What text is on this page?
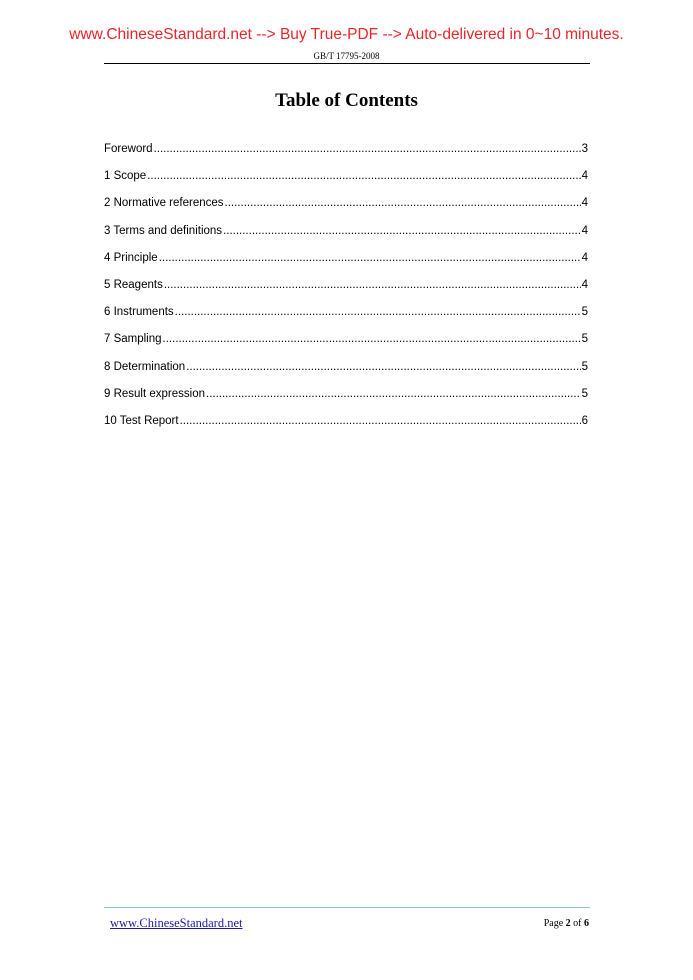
www.ChineseStandard.net --> Buy True-PDF --> Auto-delivered in 0~10 minutes.
GB/T 17795-2008
Table of Contents
Foreword .....	3
1 Scope .....	4
2 Normative references .....	4
3 Terms and definitions .....	4
4 Principle .....	4
5 Reagents .....	4
6 Instruments .....	5
7 Sampling .....	5
8 Determination .....	5
9 Result expression .....	5
10 Test Report .....	6
www.ChineseStandard.net	Page 2 of 6
